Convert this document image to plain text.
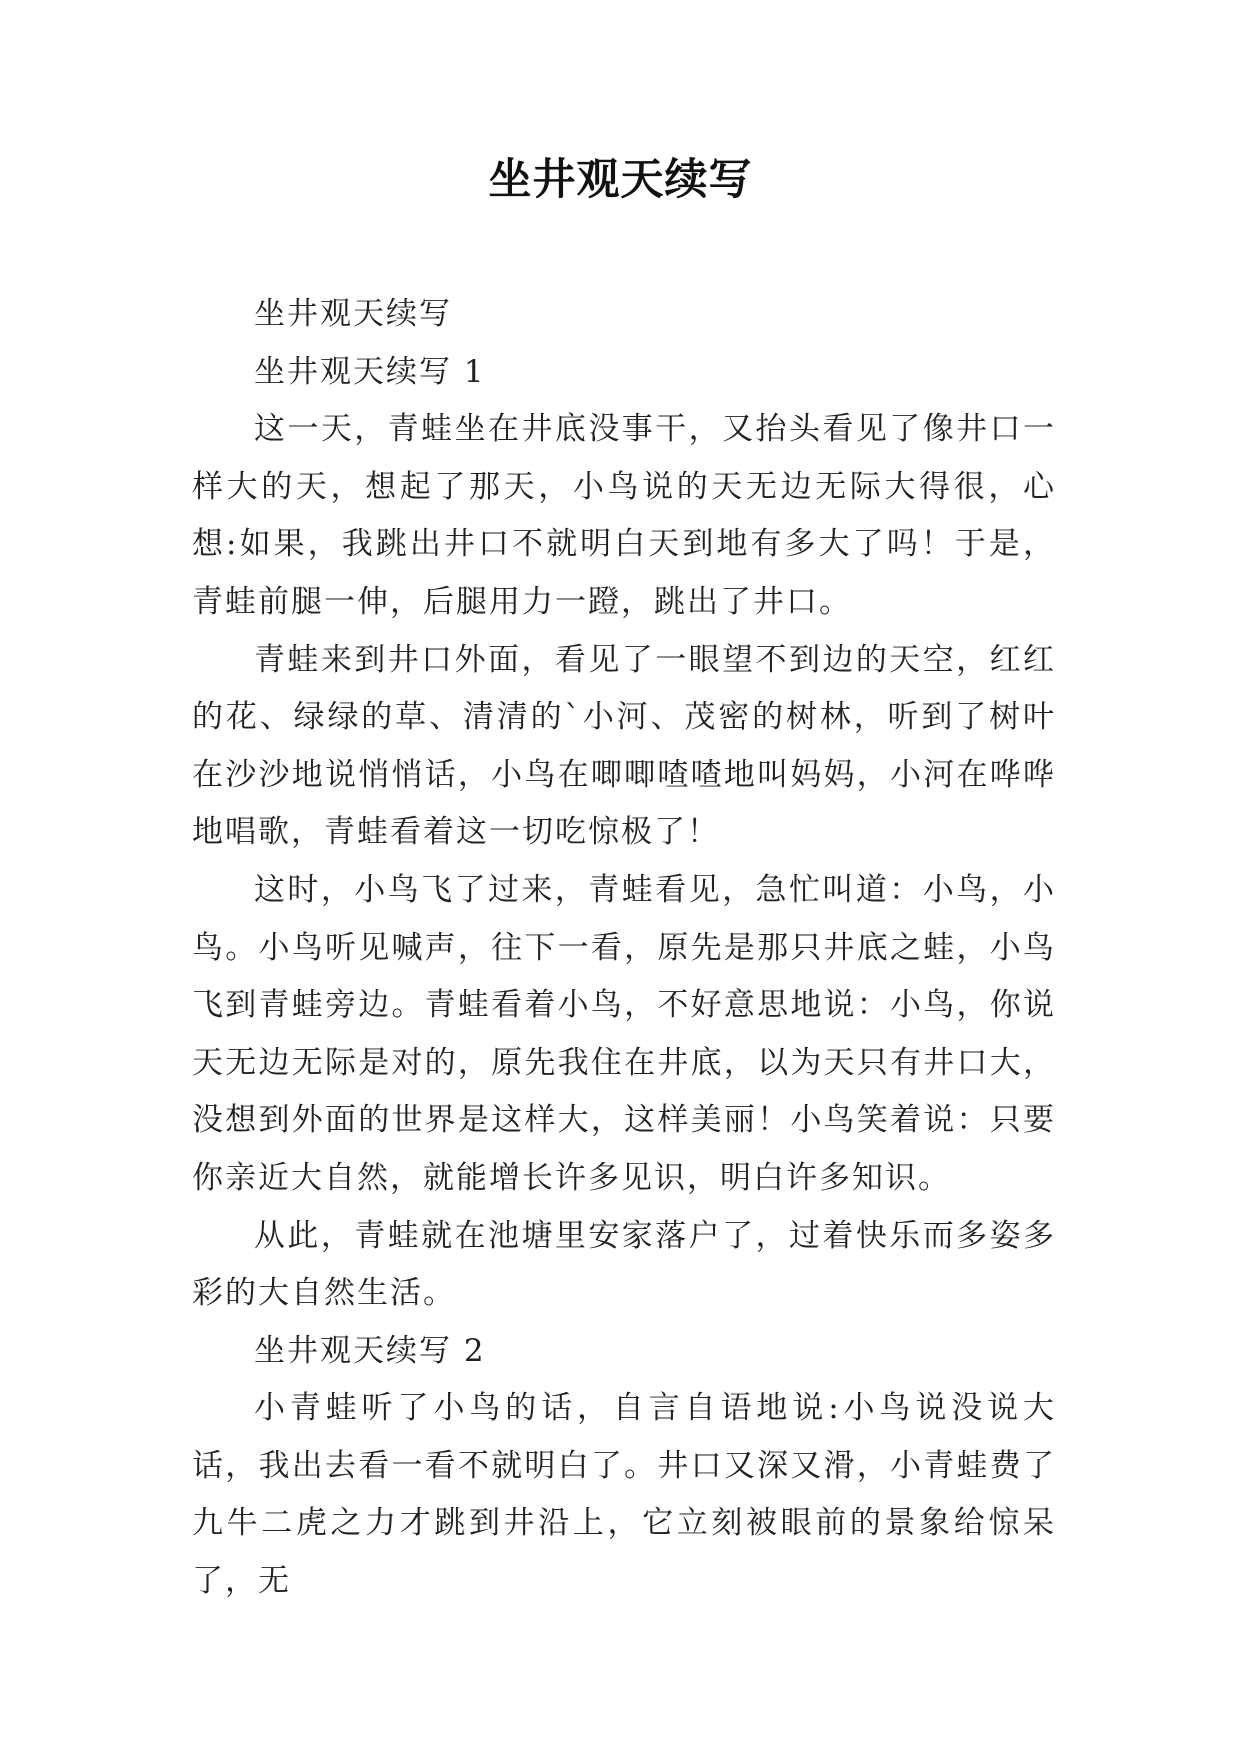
坐井观天续写

坐井观天续写

坐井观天续写 1

这一天，青蛙坐在井底没事干，又抬头看见了像井口一样大的天，想起了那天，小鸟说的天无边无际大得很，心想:如果，我跳出井口不就明白天到地有多大了吗！于是，青蛙前腿一伸，后腿用力一蹬，跳出了井口。

青蛙来到井口外面，看见了一眼望不到边的天空，红红的花、绿绿的草、清清的`小河、茂密的树林，听到了树叶在沙沙地说悄悄话，小鸟在唧唧喳喳地叫妈妈，小河在哗哗地唱歌，青蛙看着这一切吃惊极了！

这时，小鸟飞了过来，青蛙看见，急忙叫道：小鸟，小鸟。小鸟听见喊声，往下一看，原先是那只井底之蛙，小鸟飞到青蛙旁边。青蛙看着小鸟，不好意思地说：小鸟，你说天无边无际是对的，原先我住在井底，以为天只有井口大，没想到外面的世界是这样大，这样美丽！小鸟笑着说：只要你亲近大自然，就能增长许多见识，明白许多知识。

从此，青蛙就在池塘里安家落户了，过着快乐而多姿多彩的大自然生活。

坐井观天续写 2

小青蛙听了小鸟的话，自言自语地说:小鸟说没说大话，我出去看一看不就明白了。井口又深又滑，小青蛙费了九牛二虎之力才跳到井沿上，它立刻被眼前的景象给惊呆了，无
